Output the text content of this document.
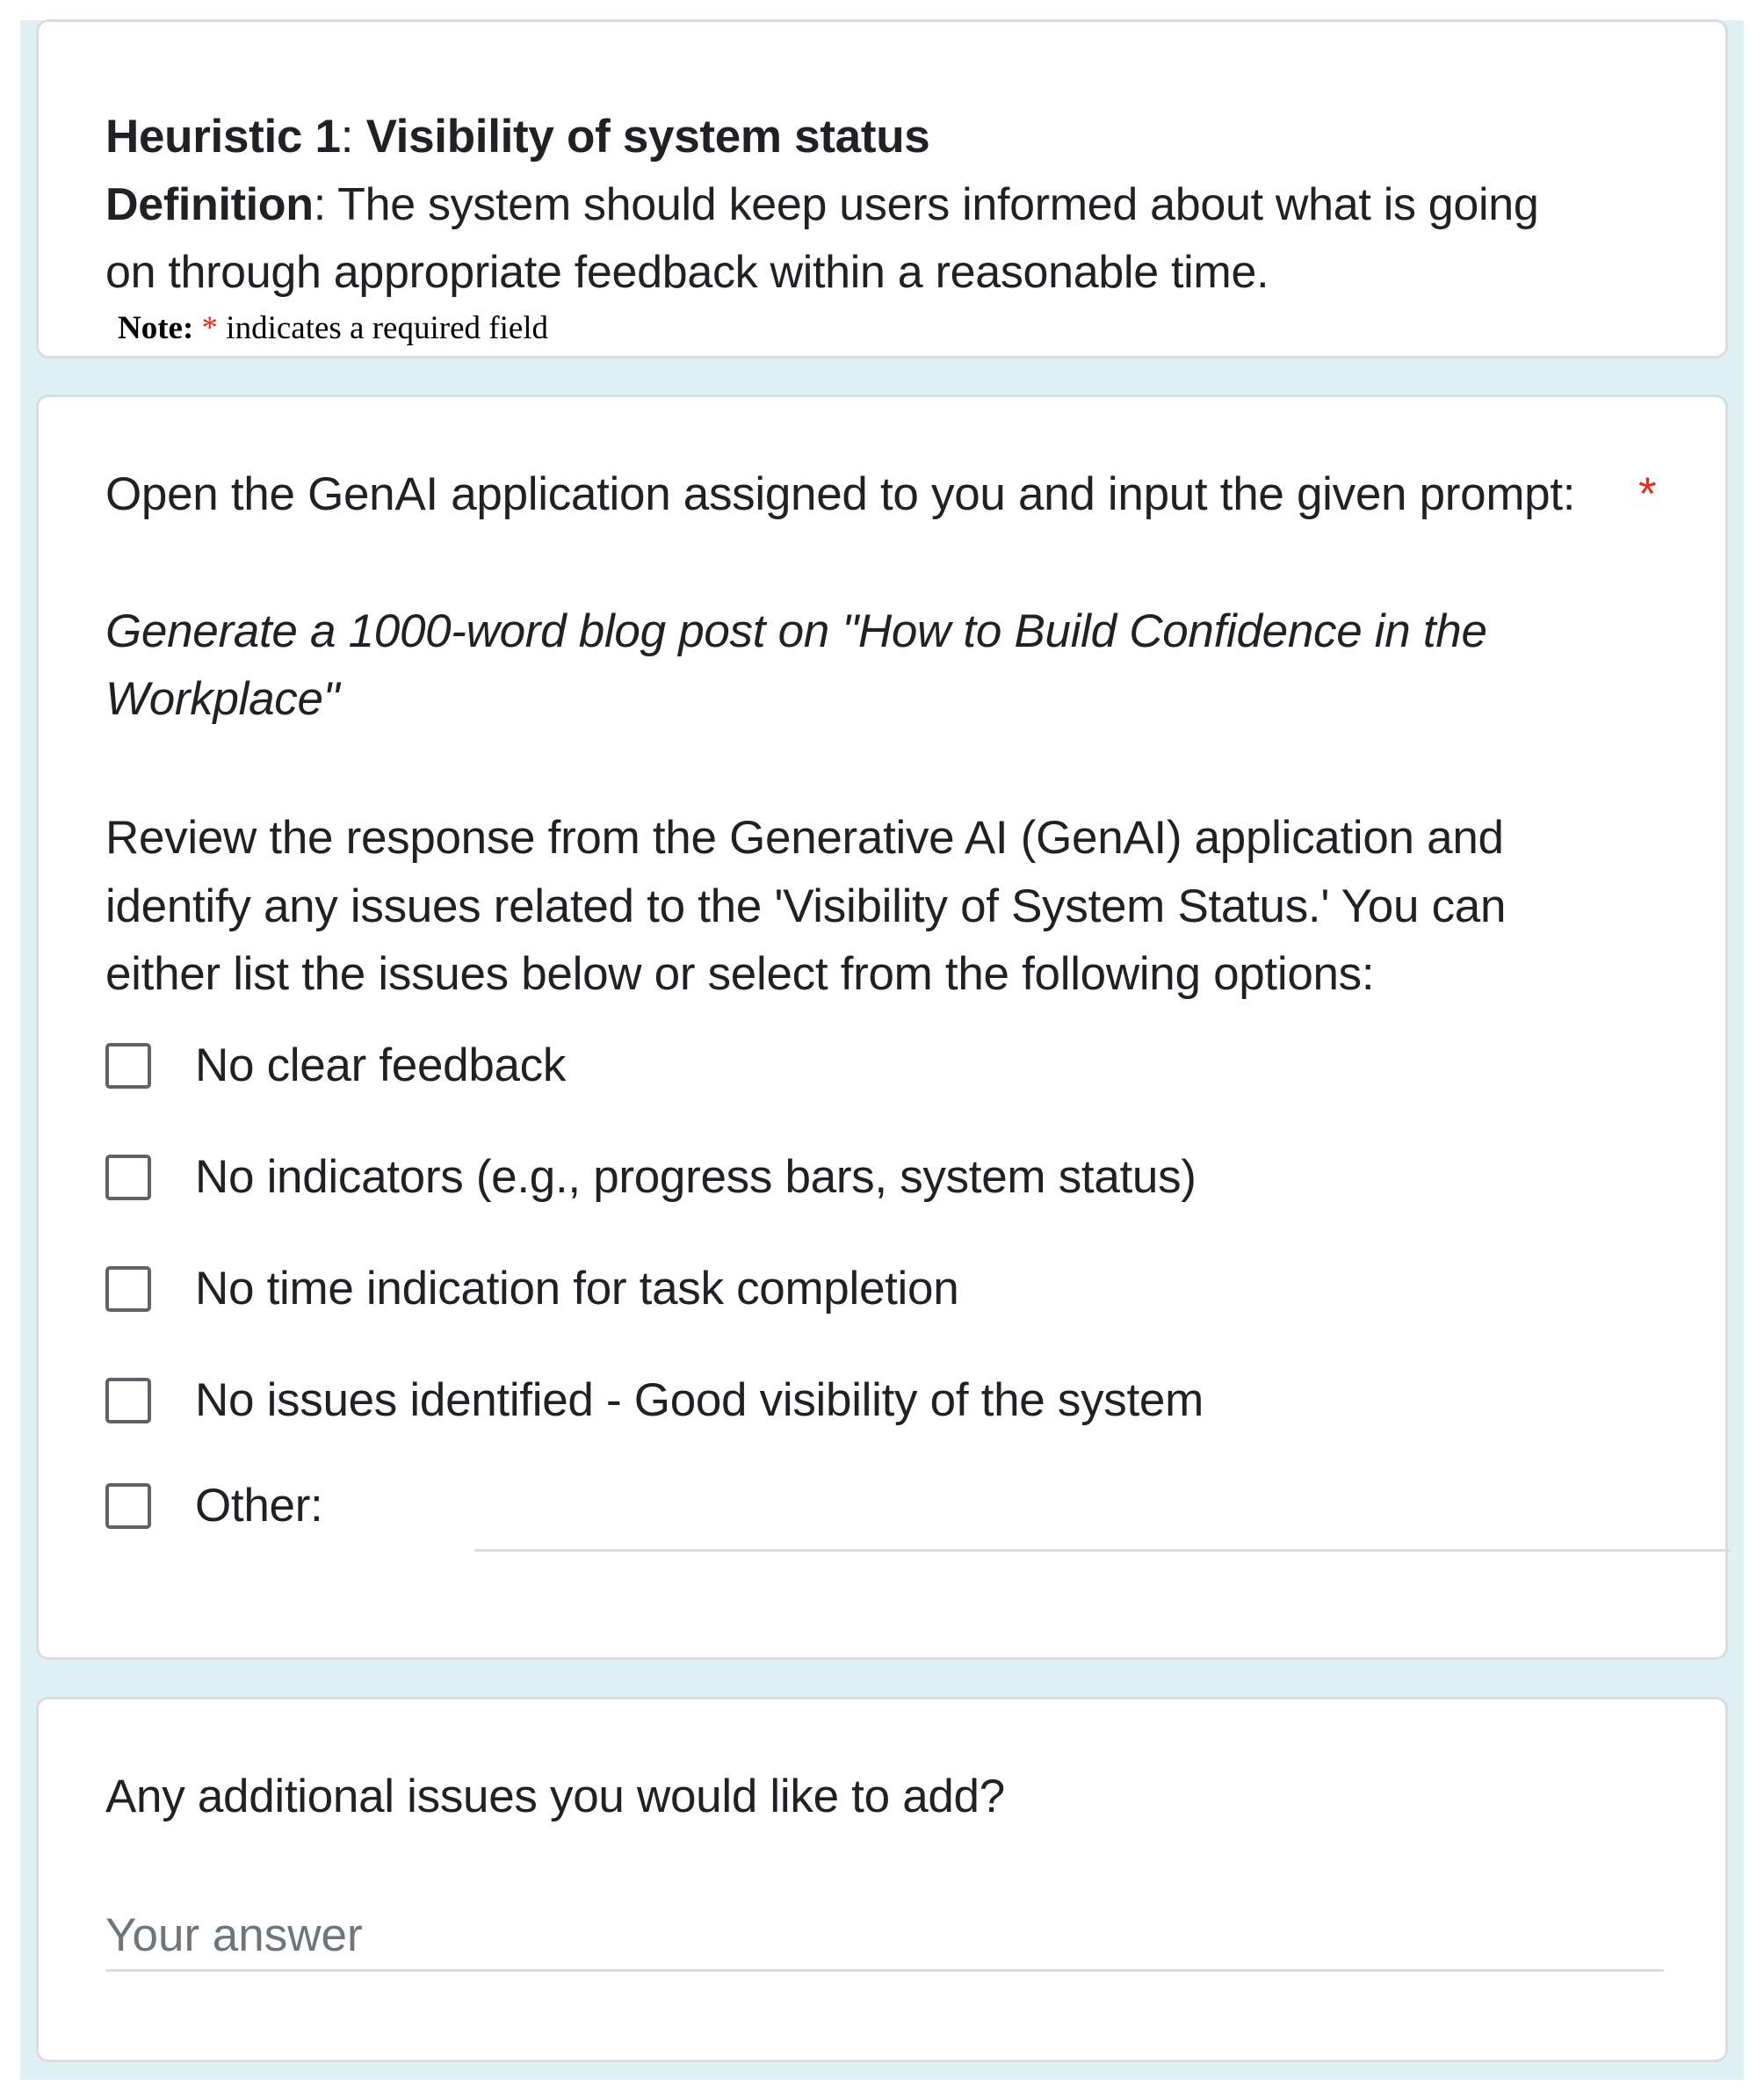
Heuristic 1: Visibility of system status
Definition: The system should keep users informed about what is going
on through appropriate feedback within a reasonable time.
Note: * indicates a required field
Open the GenAI application assigned to you and input the given prompt: *
Generate a 1000-word blog post on "How to Build Confidence in the
Workplace"
Review the response from the Generative AI (GenAI) application and
identify any issues related to the 'Visibility of System Status.' You can
either list the issues below or select from the following options:
No clear feedback
No indicators (e.g., progress bars, system status)
No time indication for task completion
No issues identified - Good visibility of the system
Other:
Any additional issues you would like to add?
Your answer
